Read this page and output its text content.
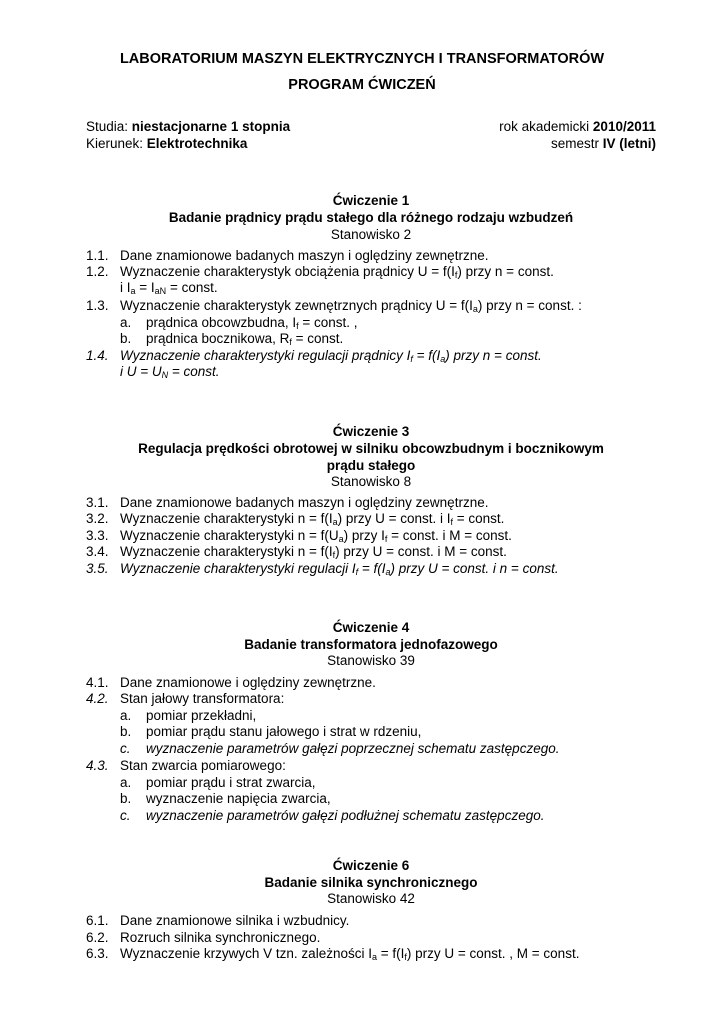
LABORATORIUM MASZYN ELEKTRYCZNYCH I TRANSFORMATORÓW
PROGRAM ĆWICZEŃ
Studia: niestacjonarne 1 stopnia	rok akademicki 2010/2011
Kierunek: Elektrotechnika	semestr IV (letni)
Ćwiczenie 1
Badanie prądnicy prądu stałego dla różnego rodzaju wzbudzeń
Stanowisko 2
1.1. Dane znamionowe badanych maszyn i oględziny zewnętrzne.
1.2. Wyznaczenie charakterystyk obciążenia prądnicy $U = f(I_f)$ przy n = const.
i $I_a = I_{aN}$ = const.
1.3. Wyznaczenie charakterystyk zewnętrznych prądnicy $U = f(I_a)$ przy n = const. :
a. prądnica obcowzbudna, $I_f$ = const. ,
b. prądnica bocznikowa, $R_f$ = const.
1.4. Wyznaczenie charakterystyki regulacji prądnicy $I_f = f(I_a)$ przy n = const.
i $U = U_N$ = const.
Ćwiczenie 3
Regulacja prędkości obrotowej w silniku obcowzbudnym i bocznikowym
prądu stałego
Stanowisko 8
3.1. Dane znamionowe badanych maszyn i oględziny zewnętrzne.
3.2. Wyznaczenie charakterystyki $n = f(I_a)$ przy U = const. i $I_f$ = const.
3.3. Wyznaczenie charakterystyki $n = f(U_a)$ przy $I_f$ = const. i M = const.
3.4. Wyznaczenie charakterystyki $n = f(I_f)$ przy U = const. i M = const.
3.5. Wyznaczenie charakterystyki regulacji $I_f = f(I_a)$ przy U = const. i n = const.
Ćwiczenie 4
Badanie transformatora jednofazowego
Stanowisko 39
4.1. Dane znamionowe i oględziny zewnętrzne.
4.2. Stan jałowy transformatora:
a. pomiar przekładni,
b. pomiar prądu stanu jałowego i strat w rdzeniu,
c. wyznaczenie parametrów gałęzi poprzecznej schematu zastępczego.
4.3. Stan zwarcia pomiarowego:
a. pomiar prądu i strat zwarcia,
b. wyznaczenie napięcia zwarcia,
c. wyznaczenie parametrów gałęzi podłużnej schematu zastępczego.
Ćwiczenie 6
Badanie silnika synchronicznego
Stanowisko 42
6.1. Dane znamionowe silnika i wzbudnicy.
6.2. Rozruch silnika synchronicznego.
6.3. Wyznaczenie krzywych V tzn. zależności $I_a = f(I_f)$ przy U = const. , M = const.
